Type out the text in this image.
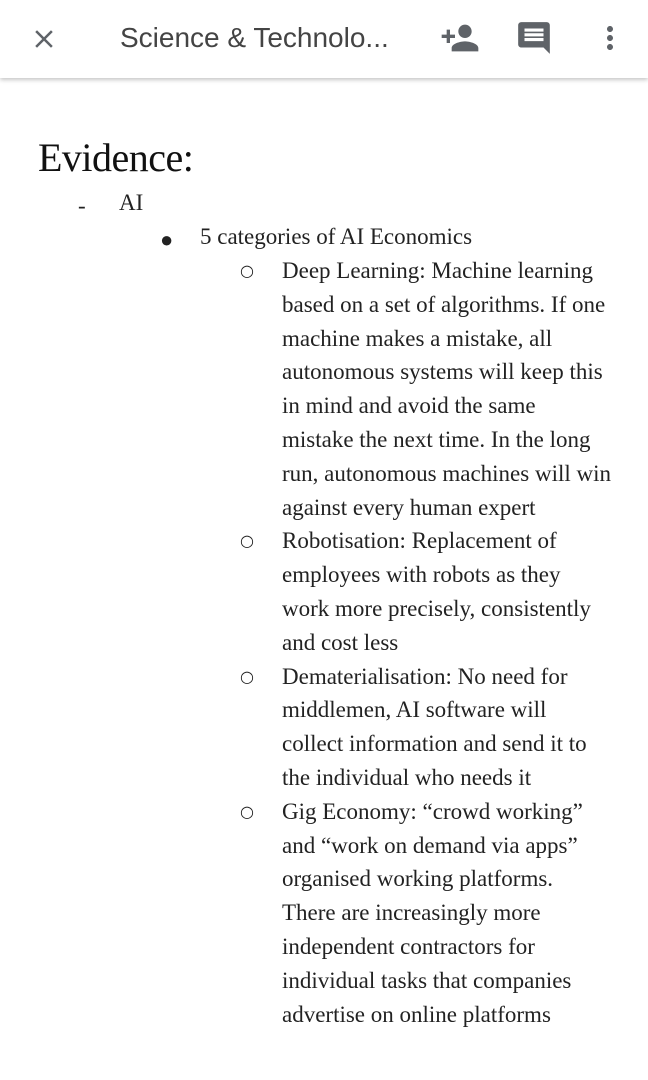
Science & Technolo...
Evidence:
- AI
● 5 categories of AI Economics
○	Deep Learning: Machine learning based on a set of algorithms. If one machine makes a mistake, all autonomous systems will keep this in mind and avoid the same mistake the next time. In the long run, autonomous machines will win against every human expert
○	Robotisation: Replacement of employees with robots as they work more precisely, consistently and cost less
○	Dematerialisation: No need for middlemen, AI software will collect information and send it to the individual who needs it
○	Gig Economy: “crowd working” and “work on demand via apps” organised working platforms. There are increasingly more independent contractors for individual tasks that companies advertise on online platforms
